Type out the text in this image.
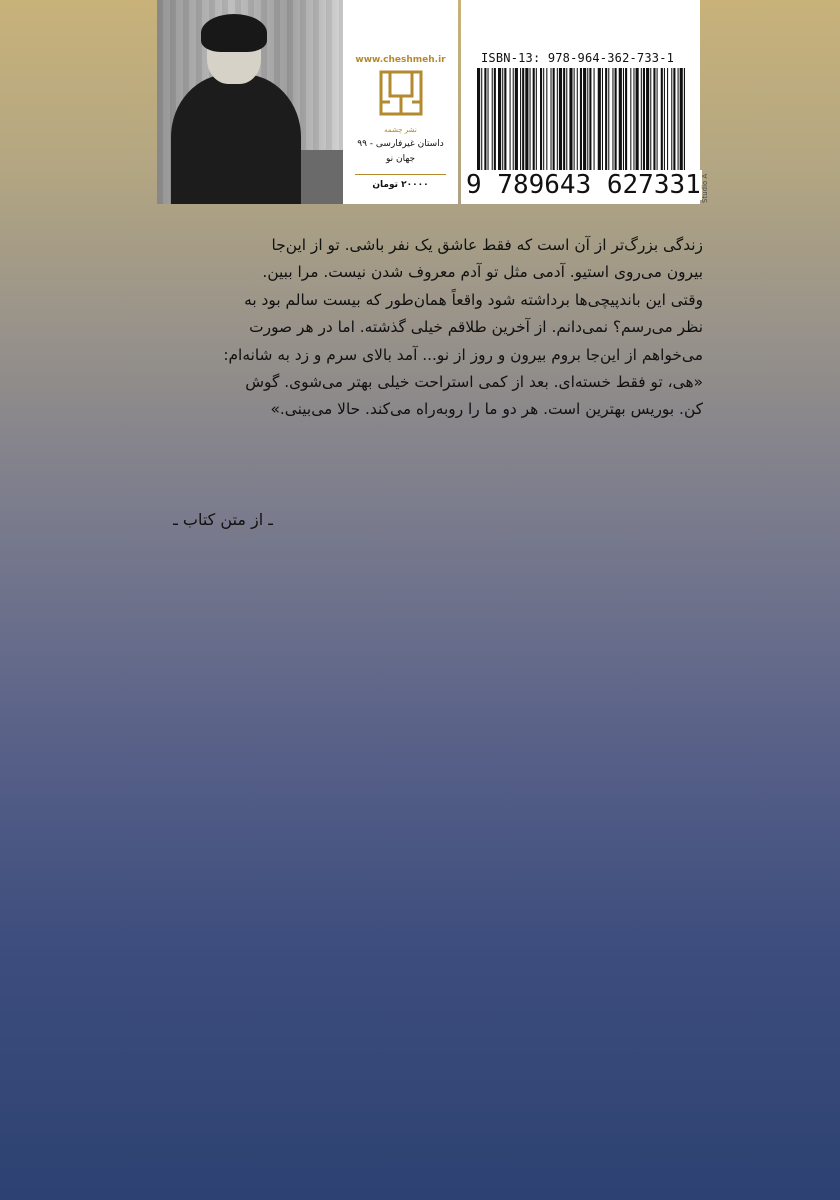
www.cheshmeh.ir
نشر چشمه
داستان غیرفارسی - ۹۹
جهان نو
۲۰۰۰۰ تومان
ISBN-13: 978-964-362-733-1
9 789643 627331 Studio A
زندگی بزرگ‌تر از آن است که فقط عاشق یک نفر باشی. تو از این‌جا
بیرون می‌روی استیو. آدمی مثل تو آدم معروف شدن نیست. مرا ببین.
وقتی این باندپیچی‌ها برداشته شود واقعاً همان‌طور که بیست سالم بود به
نظر می‌رسم؟ نمی‌دانم. از آخرین طلاقم خیلی گذشته. اما در هر صورت
می‌خواهم از این‌جا بروم بیرون و روز از نو... آمد بالای سرم و زد به شانه‌ام:
«هی، تو فقط خسته‌ای. بعد از کمی استراحت خیلی بهتر می‌شوی. گوش
کن. بوریس بهترین است. هر دو ما را روبه‌راه می‌کند. حالا می‌بینی.»
ـ از متن کتاب ـ
